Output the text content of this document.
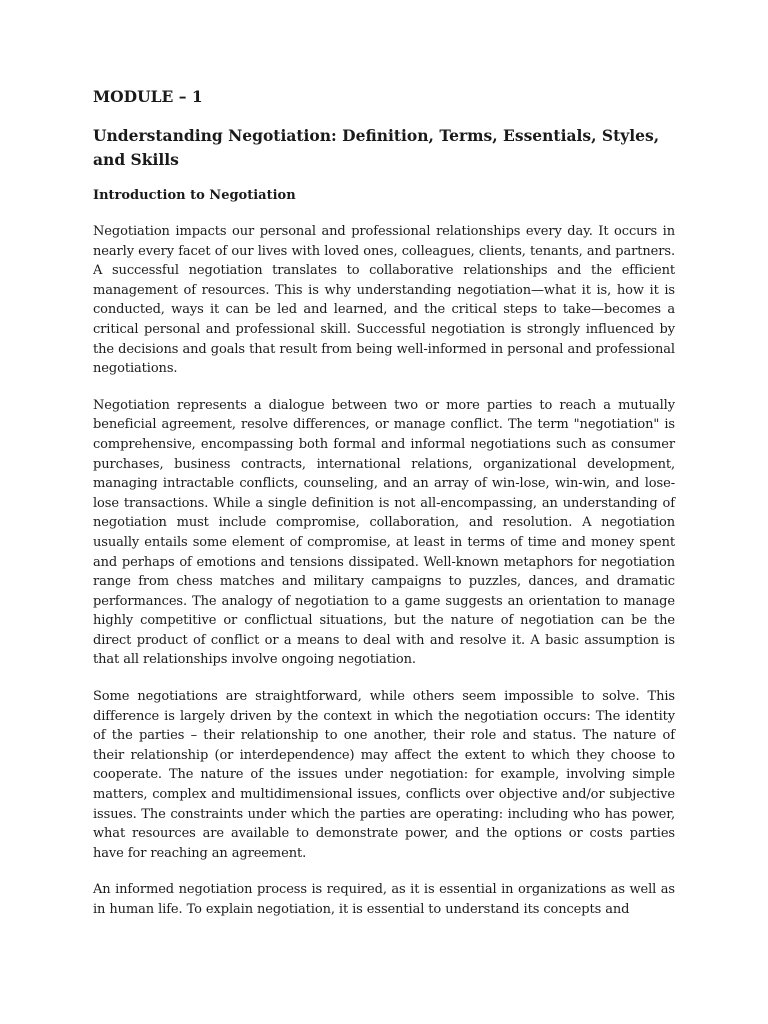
MODULE – 1
Understanding Negotiation: Definition, Terms, Essentials, Styles, and Skills
Introduction to Negotiation

Negotiation impacts our personal and professional relationships every day. It occurs in nearly every facet of our lives with loved ones, colleagues, clients, tenants, and partners. A successful negotiation translates to collaborative relationships and the efficient management of resources. This is why understanding negotiation—what it is, how it is conducted, ways it can be led and learned, and the critical steps to take—becomes a critical personal and professional skill. Successful negotiation is strongly influenced by the decisions and goals that result from being well-informed in personal and professional negotiations.

Negotiation represents a dialogue between two or more parties to reach a mutually beneficial agreement, resolve differences, or manage conflict. The term "negotiation" is comprehensive, encompassing both formal and informal negotiations such as consumer purchases, business contracts, international relations, organizational development, managing intractable conflicts, counseling, and an array of win-lose, win-win, and lose-lose transactions. While a single definition is not all-encompassing, an understanding of negotiation must include compromise, collaboration, and resolution. A negotiation usually entails some element of compromise, at least in terms of time and money spent and perhaps of emotions and tensions dissipated. Well-known metaphors for negotiation range from chess matches and military campaigns to puzzles, dances, and dramatic performances. The analogy of negotiation to a game suggests an orientation to manage highly competitive or conflictual situations, but the nature of negotiation can be the direct product of conflict or a means to deal with and resolve it. A basic assumption is that all relationships involve ongoing negotiation.

Some negotiations are straightforward, while others seem impossible to solve. This difference is largely driven by the context in which the negotiation occurs: The identity of the parties – their relationship to one another, their role and status. The nature of their relationship (or interdependence) may affect the extent to which they choose to cooperate. The nature of the issues under negotiation: for example, involving simple matters, complex and multidimensional issues, conflicts over objective and/or subjective issues. The constraints under which the parties are operating: including who has power, what resources are available to demonstrate power, and the options or costs parties have for reaching an agreement.

An informed negotiation process is required, as it is essential in organizations as well as in human life. To explain negotiation, it is essential to understand its concepts and
